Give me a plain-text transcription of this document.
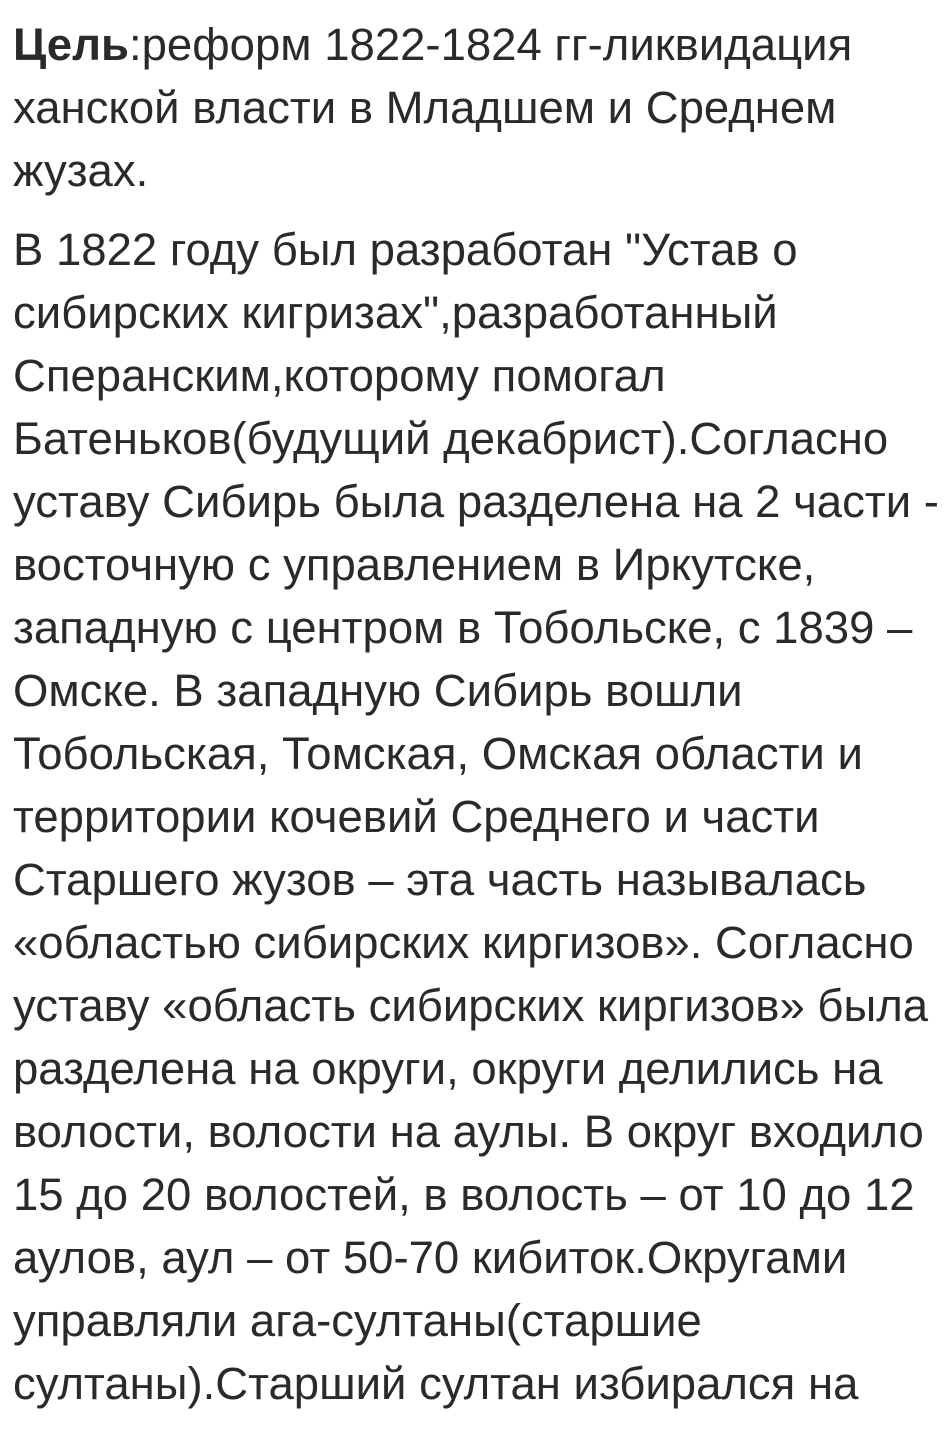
Цель:реформ 1822-1824 гг-ликвидация
ханской власти в Младшем и Среднем
жузах.
В 1822 году был разработан "Устав о
сибирских кигризах",разработанный
Сперанским,которому помогал
Батеньков(будущий декабрист).Согласно
уставу Сибирь была разделена на 2 части -
восточную с управлением в Иркутске,
западную с центром в Тобольске, с 1839 –
Омске. В западную Сибирь вошли
Тобольская, Томская, Омская области и
территории кочевий Среднего и части
Старшего жузов – эта часть называлась
«областью сибирских киргизов». Согласно
уставу «область сибирских киргизов» была
разделена на округи, округи делились на
волости, волости на аулы. В округ входило
15 до 20 волостей, в волость – от 10 до 12
аулов, аул – от 50-70 кибиток.Округами
управляли ага-султаны(старшие
султаны).Старший султан избирался на
